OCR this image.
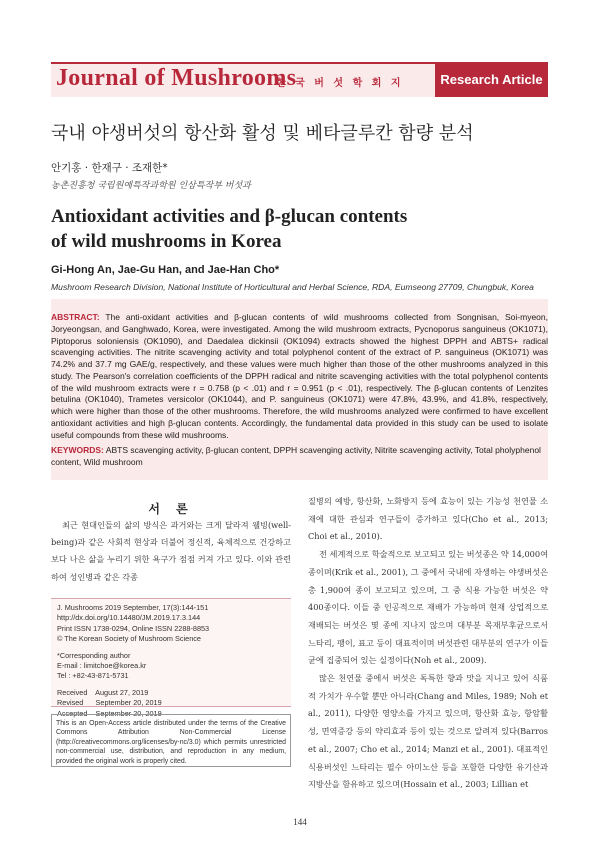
Journal of Mushrooms
한 국 버 섯 학 회 지	Research Article
국내 야생버섯의 항산화 활성 및 베타글루칸 함량 분석
안기홍 · 한재구 · 조재한*
농촌진흥청 국립원예특작과학원 인삼특작부 버섯과
Antioxidant activities and β-glucan contents
of wild mushrooms in Korea
Gi-Hong An, Jae-Gu Han, and Jae-Han Cho*
Mushroom Research Division, National Institute of Horticultural and Herbal Science, RDA, Eumseong 27709, Chungbuk, Korea
ABSTRACT: The anti-oxidant activities and β-glucan contents of wild mushrooms collected from Songnisan, Soi-myeon, Joryeongsan, and Ganghwado, Korea, were investigated. Among the wild mushroom extracts, Pycnoporus sanguineus (OK1071), Piptoporus soloniensis (OK1090), and Daedalea dickinsii (OK1094) extracts showed the highest DPPH and ABTS+ radical scavenging activities. The nitrite scavenging activity and total polyphenol content of the extract of P. sanguineus (OK1071) was 74.2% and 37.7 mg GAE/g, respectively, and these values were much higher than those of the other mushrooms analyzed in this study. The Pearson's correlation coefficients of the DPPH radical and nitrite scavenging activities with the total polyphenol contents of the wild mushroom extracts were r = 0.758 (p < .01) and r = 0.951 (p < .01), respectively. The β-glucan contents of Lenzites betulina (OK1040), Trametes versicolor (OK1044), and P. sanguineus (OK1071) were 47.8%, 43.9%, and 41.8%, respectively, which were higher than those of the other mushrooms. Therefore, the wild mushrooms analyzed were confirmed to have excellent antioxidant activities and high β-glucan contents. Accordingly, the fundamental data provided in this study can be used to isolate useful compounds from these wild mushrooms.
KEYWORDS: ABTS scavenging activity, β-glucan content, DPPH scavenging activity, Nitrite scavenging activity, Total pholyphenol content, Wild mushroom
서 론

최근 현대인들의 삶의 방식은 과거와는 크게 달라져 웰빙(well-being)과 같은 사회적 현상과 더불어 정신적, 육체적으로 건강하고 보다 나은 삶을 누리기 위한 욕구가 점점 커져 가고 있다. 이와 관련하여 성인병과 같은 각종

J. Mushrooms 2019 September, 17(3):144-151
http://dx.doi.org/10.14480/JM.2019.17.3.144
Print ISSN 1738-0294, Online ISSN 2288-8853
© The Korean Society of Mushroom Science
*Corresponding author
E-mail : limitchoe@korea.kr
Tel : +82-43-871-5731
Received    August 27, 2019
Revised      September 20, 2019
Accepted    September 20, 2019
This is an Open-Access article distributed under the terms of the Creative Commons Attribution Non-Commercial License (http://creativecommons.org/licenses/by-nc/3.0) which permits unrestricted non-commercial use, distribution, and reproduction in any medium, provided the original work is properly cited.

질병의 예방, 항산화, 노화방지 등에 효능이 있는 기능성 천연물 소재에 대한 관심과 연구들이 증가하고 있다(Cho et al., 2013; Choi et al., 2010).

전 세계적으로 학술적으로 보고되고 있는 버섯종은 약 14,000여 종이며(Krik et al., 2001), 그 중에서 국내에 자생하는 야생버섯은 총 1,900여 종이 보고되고 있으며, 그 중 식용 가능한 버섯은 약 400종이다. 이들 중 인공적으로 재배가 가능하며 현재 상업적으로 재배되는 버섯은 몇 종에 지나지 않으며 대부분 목재부후균으로서 느타리, 팽이, 표고 등이 대표적이며 버섯관련 대부분의 연구가 이들 균에 집중되어 있는 실정이다(Noh et al., 2009).

많은 천연물 중에서 버섯은 독특한 향과 맛을 지니고 있어 식품적 가치가 우수할 뿐만 아니라(Chang and Miles, 1989; Noh et al., 2011), 다양한 영양소를 가지고 있으며, 항산화 효능, 항암활성, 면역증강 등의 약리효과 등이 있는 것으로 알려져 있다(Barros et al., 2007; Cho et al., 2014; Manzi et al., 2001). 대표적인 식용버섯인 느타리는 필수 아미노산 등을 포함한 다양한 유기산과 지방산을 함유하고 있으며(Hossain et al., 2003; Lillian et

144
